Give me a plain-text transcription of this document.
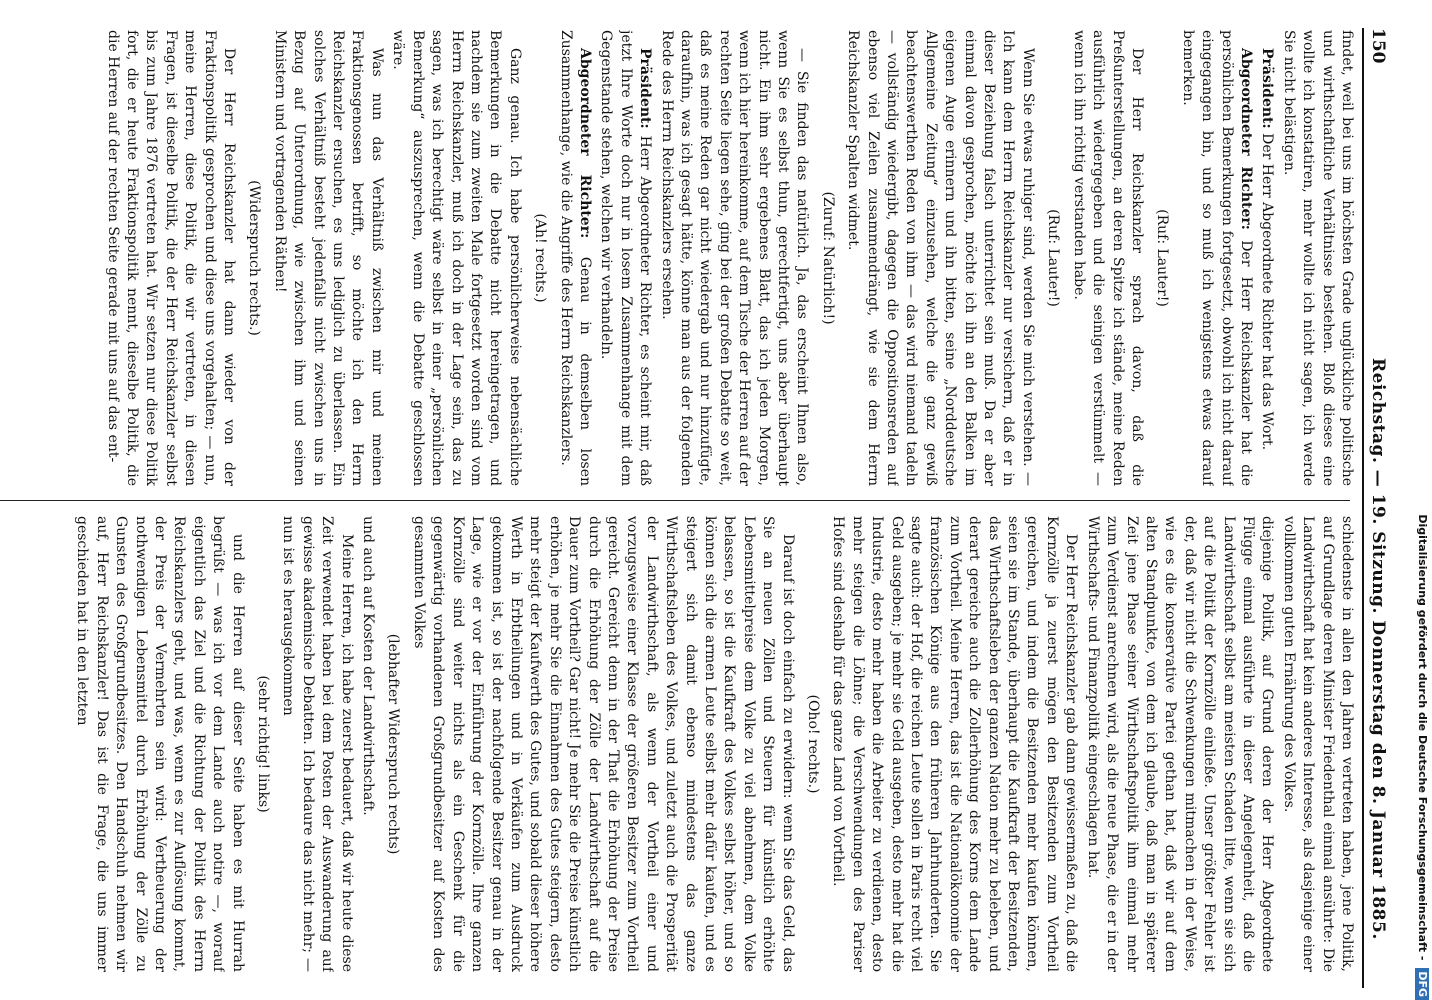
150
Reichstag. — 19. Sitzung. Donnerstag den 8. Januar 1885.

findet, weil bei uns im höchsten Grade unglückliche politische und wirthschaftliche Verhältnisse bestehen. Bloß dieses eine wollte ich konstatiren, mehr wollte ich nicht sagen, ich werde Sie nicht belästigen.

Präsident: Der Herr Abgeordnete Richter hat das Wort.

Abgeordneter Richter: Der Herr Reichskanzler hat die persönlichen Bemerkungen fortgesetzt, obwohl ich nicht darauf eingegangen bin, und so muß ich wenigstens etwas darauf bemerken.

(Ruf: Lauter!)

Der Herr Reichskanzler sprach davon, daß die Preßunterstellungen, an deren Spitze ich stände, meine Reden ausführlich wiedergegeben und die seinigen verstümmelt — wenn ich ihn richtig verstanden habe.

(Ruf: Lauter!)

Wenn Sie etwas ruhiger sind, werden Sie mich verstehen. — Ich kann dem Herrn Reichskanzler nur versichern, daß er in dieser Beziehung falsch unterrichtet sein muß. Da er aber einmal davon gesprochen, möchte ich ihn an den Balken im eigenen Auge erinnern und ihn bitten, seine „Norddeutsche Allgemeine Zeitung“ einzusehen, welche die ganz gewiß beachtenswerthen Reden von ihm — das wird niemand tadeln — vollständig wiedergibt, dagegen die Oppositionsreden auf ebenso viel Zeilen zusammendrängt, wie sie dem Herrn Reichskanzler Spalten widmet.

(Zuruf: Natürlich!)

— Sie finden das natürlich. Ja, das erscheint Ihnen also, wenn Sie es selbst thun, gerechtfertigt, uns aber überhaupt nicht. Ein ihm sehr ergebenes Blatt, das ich jeden Morgen, wenn ich hier hereinkomme, auf dem Tische der Herren auf der rechten Seite liegen sehe, ging bei der großen Debatte so weit, daß es meine Reden gar nicht wiedergab und nur hinzufügte, daraufhin, was ich gesagt hätte, könne man aus der folgenden Rede des Herrn Reichskanzlers ersehen.

Präsident: Herr Abgeordneter Richter, es scheint mir, daß jetzt Ihre Worte doch nur in losem Zusammenhange mit dem Gegenstande stehen, welchen wir verhandeln.

Abgeordneter Richter: Genau in demselben losen Zusammenhange, wie die Angriffe des Herrn Reichskanzlers.

(Ah! rechts.)

Ganz genau. Ich habe persönlicherweise nebensächliche Bemerkungen in die Debatte nicht hereingetragen, und nachdem sie zum zweiten Male fortgesetzt worden sind vom Herrn Reichskanzler, muß ich doch in der Lage sein, das zu sagen, was ich berechtigt wäre selbst in einer „persönlichen Bemerkung“ auszusprechen, wenn die Debatte geschlossen wäre.

Was nun das Verhältniß zwischen mir und meinen Fraktionsgenossen betrifft, so möchte ich den Herrn Reichskanzler ersuchen, es uns lediglich zu überlassen. Ein solches Verhältniß besteht jedenfalls nicht zwischen uns in Bezug auf Unterordnung, wie zwischen ihm und seinen Ministern und vortragenden Räthen!

(Widerspruch rechts.)

Der Herr Reichskanzler hat dann wieder von der Fraktionspolitik gesprochen und diese uns vorgehalten; — nun, meine Herren, diese Politik, die wir vertreten, in diesen Fragen, ist dieselbe Politik, die der Herr Reichskanzler selbst bis zum Jahre 1876 vertreten hat. Wir setzen nur diese Politik fort, die er heute Fraktionspolitik nennt, dieselbe Politik, die die Herren auf der rechten Seite gerade mit uns auf das ent-

schiedenste in allen den Jahren vertreten haben, jene Politik, auf Grundlage deren Minister Friedenthal einmal ansührte: Die Landwirthschaft hat kein anderes Interesse, als dasjenige einer vollkommen guten Ernährung des Volkes.

diejenige Politik, auf Grund deren der Herr Abgeordnete Flügge einmal ausführte in dieser Angelegenheit, daß die Landwirthschaft selbst am meisten Schaden litte, wenn sie sich auf die Politik der Kornzölle einließe. Unser größter Fehler ist der, daß wir nicht die Schwenkungen mitmachen in der Weise, wie es die konservative Partei gethan hat, daß wir auf dem alten Standpunkte, von dem ich glaube, daß man in späterer Zeit jene Phase seiner Wirthschaftspolitik ihm einmal mehr zum Verdienst anrechnen wird, als die neue Phase, die er in der Wirthschafts- und Finanzpolitik eingeschlagen hat.

Der Herr Reichskanzler gab dann gewissermaßen zu, daß die Kornzölle ja zuerst mögen den Besitzenden zum Vortheil gereichen, und indem die Besitzenden mehr kaufen können, seien sie im Stande, überhaupt die Kaufkraft der Besitzenden, das Wirthschaftsleben der ganzen Nation mehr zu beleben, und derart gereiche auch die Zollerhöhung des Korns dem Lande zum Vortheil. Meine Herren, das ist die Nationalökonomie der französischen Könige aus den früheren Jahrhunderten. Sie sagte auch: der Hof, die reichen Leute sollen in Paris recht viel Geld ausgeben; je mehr sie Geld ausgeben, desto mehr hat die Industrie, desto mehr haben die Arbeiter zu verdienen, desto mehr steigen die Löhne; die Verschwendungen des Pariser Hofes sind deshalb für das ganze Land von Vortheil.

(Oho! rechts.)

Darauf ist doch einfach zu erwidern: wenn Sie das Geld, das Sie an neuen Zöllen und Steuern für künstlich erhöhte Lebensmittelpreise dem Volke zu viel abnehmen, dem Volke belassen, so ist die Kaufkraft des Volkes selbst höher, und so können sich die armen Leute selbst mehr dafür kaufen, und es steigert sich damit ebenso mindestens das ganze Wirthschaftsleben des Volkes, und zuletzt auch die Prosperität der Landwirthschaft, als wenn der Vortheil einer und vorzugsweise einer Klasse der größeren Besitzer zum Vortheil gereicht. Gereicht denn in der That die Erhöhung der Preise durch die Erhöhung der Zölle der Landwirthschaft auf die Dauer zum Vortheil? Gar nicht! Je mehr Sie die Preise künstlich erhöhen, je mehr Sie die Einnahmen des Gutes steigern, desto mehr steigt der Kaufwerth des Gutes, und sobald dieser höhere Werth in Erbtheilungen und in Verkäufen zum Ausdruck gekommen ist, so ist der nachfolgende Besitzer genau in der Lage, wie er vor der Einführung der Kornzölle. Ihre ganzen Kornzölle sind weiter nichts als ein Geschenk für die gegenwärtig vorhandenen Großgrundbesitzer auf Kosten des gesammten Volkes

(lebhafter Widerspruch rechts)

und auch auf Kosten der Landwirthschaft.

Meine Herren, ich habe zuerst bedauert, daß wir heute diese Zeit verwendet haben bei dem Posten der Auswanderung auf gewisse akademische Debatten. Ich bedaure das nicht mehr; — nun ist es herausgekommen

(sehr richtig! links)

und die Herren auf dieser Seite haben es mit Hurrah begrüßt — was ich vor dem Lande auch notire —, worauf eigentlich das Ziel und die Richtung der Politik des Herrn Reichskanzlers geht, und was, wenn es zur Auflösung kommt, der Preis der Vermehrten sein wird: Vertheuerung der nothwendigen Lebensmittel durch Erhöhung der Zölle zu Gunsten des Großgrundbesitzes. Den Handschuh nehmen wir auf, Herr Reichskanzler! Das ist die Frage, die uns immer geschieden hat in den letzten	Digitalisierung gefördert durch die Deutsche Forschungsgemeinschaft - DFG
